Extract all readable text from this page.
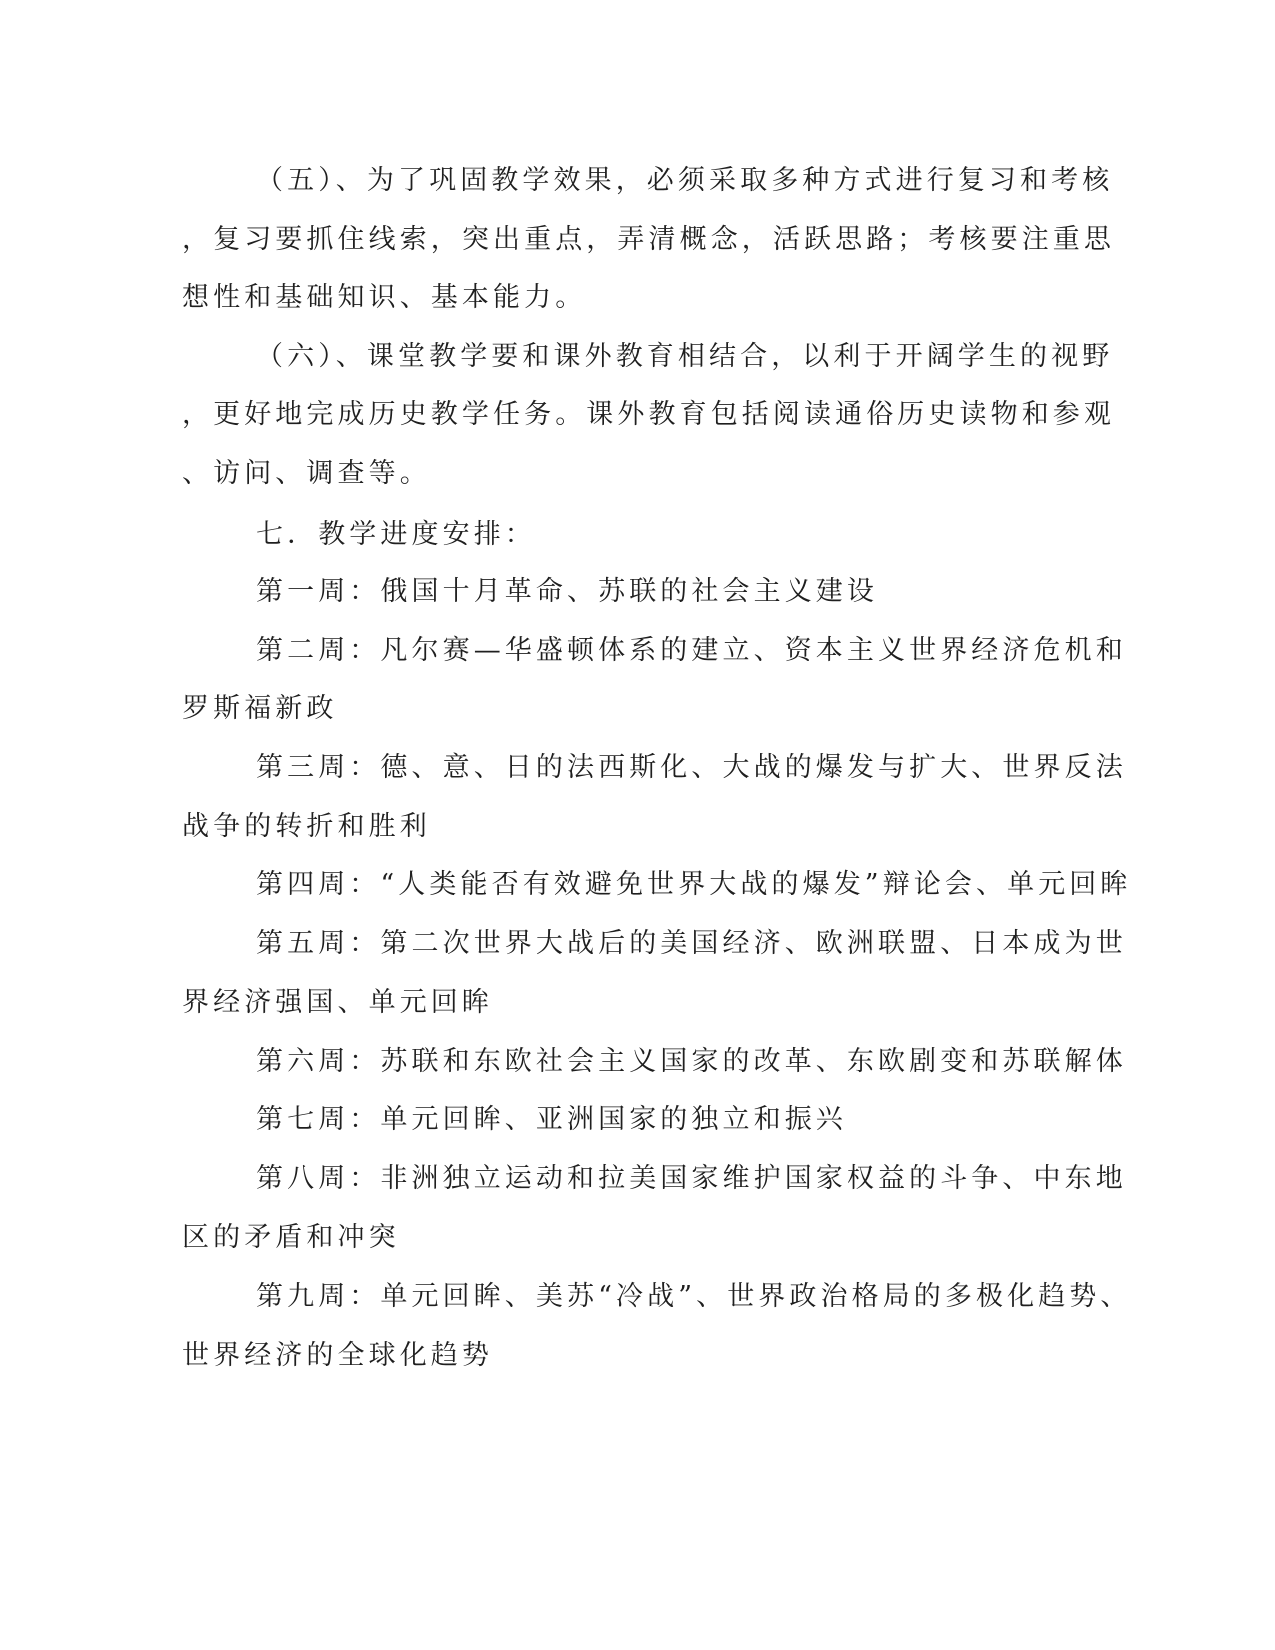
（五）、为了巩固教学效果，必须采取多种方式进行复习和考核
，复习要抓住线索，突出重点，弄清概念，活跃思路；考核要注重思
想性和基础知识、基本能力。
（六）、课堂教学要和课外教育相结合，以利于开阔学生的视野
，更好地完成历史教学任务。课外教育包括阅读通俗历史读物和参观
、访问、调查等。
七．教学进度安排：
第一周：俄国十月革命、苏联的社会主义建设
第二周：凡尔赛—华盛顿体系的建立、资本主义世界经济危机和
罗斯福新政
第三周：德、意、日的法西斯化、大战的爆发与扩大、世界反法
战争的转折和胜利
第四周：“人类能否有效避免世界大战的爆发”辩论会、单元回眸
第五周：第二次世界大战后的美国经济、欧洲联盟、日本成为世
界经济强国、单元回眸
第六周：苏联和东欧社会主义国家的改革、东欧剧变和苏联解体
第七周：单元回眸、亚洲国家的独立和振兴
第八周：非洲独立运动和拉美国家维护国家权益的斗争、中东地
区的矛盾和冲突
第九周：单元回眸、美苏“冷战”、世界政治格局的多极化趋势、
世界经济的全球化趋势
